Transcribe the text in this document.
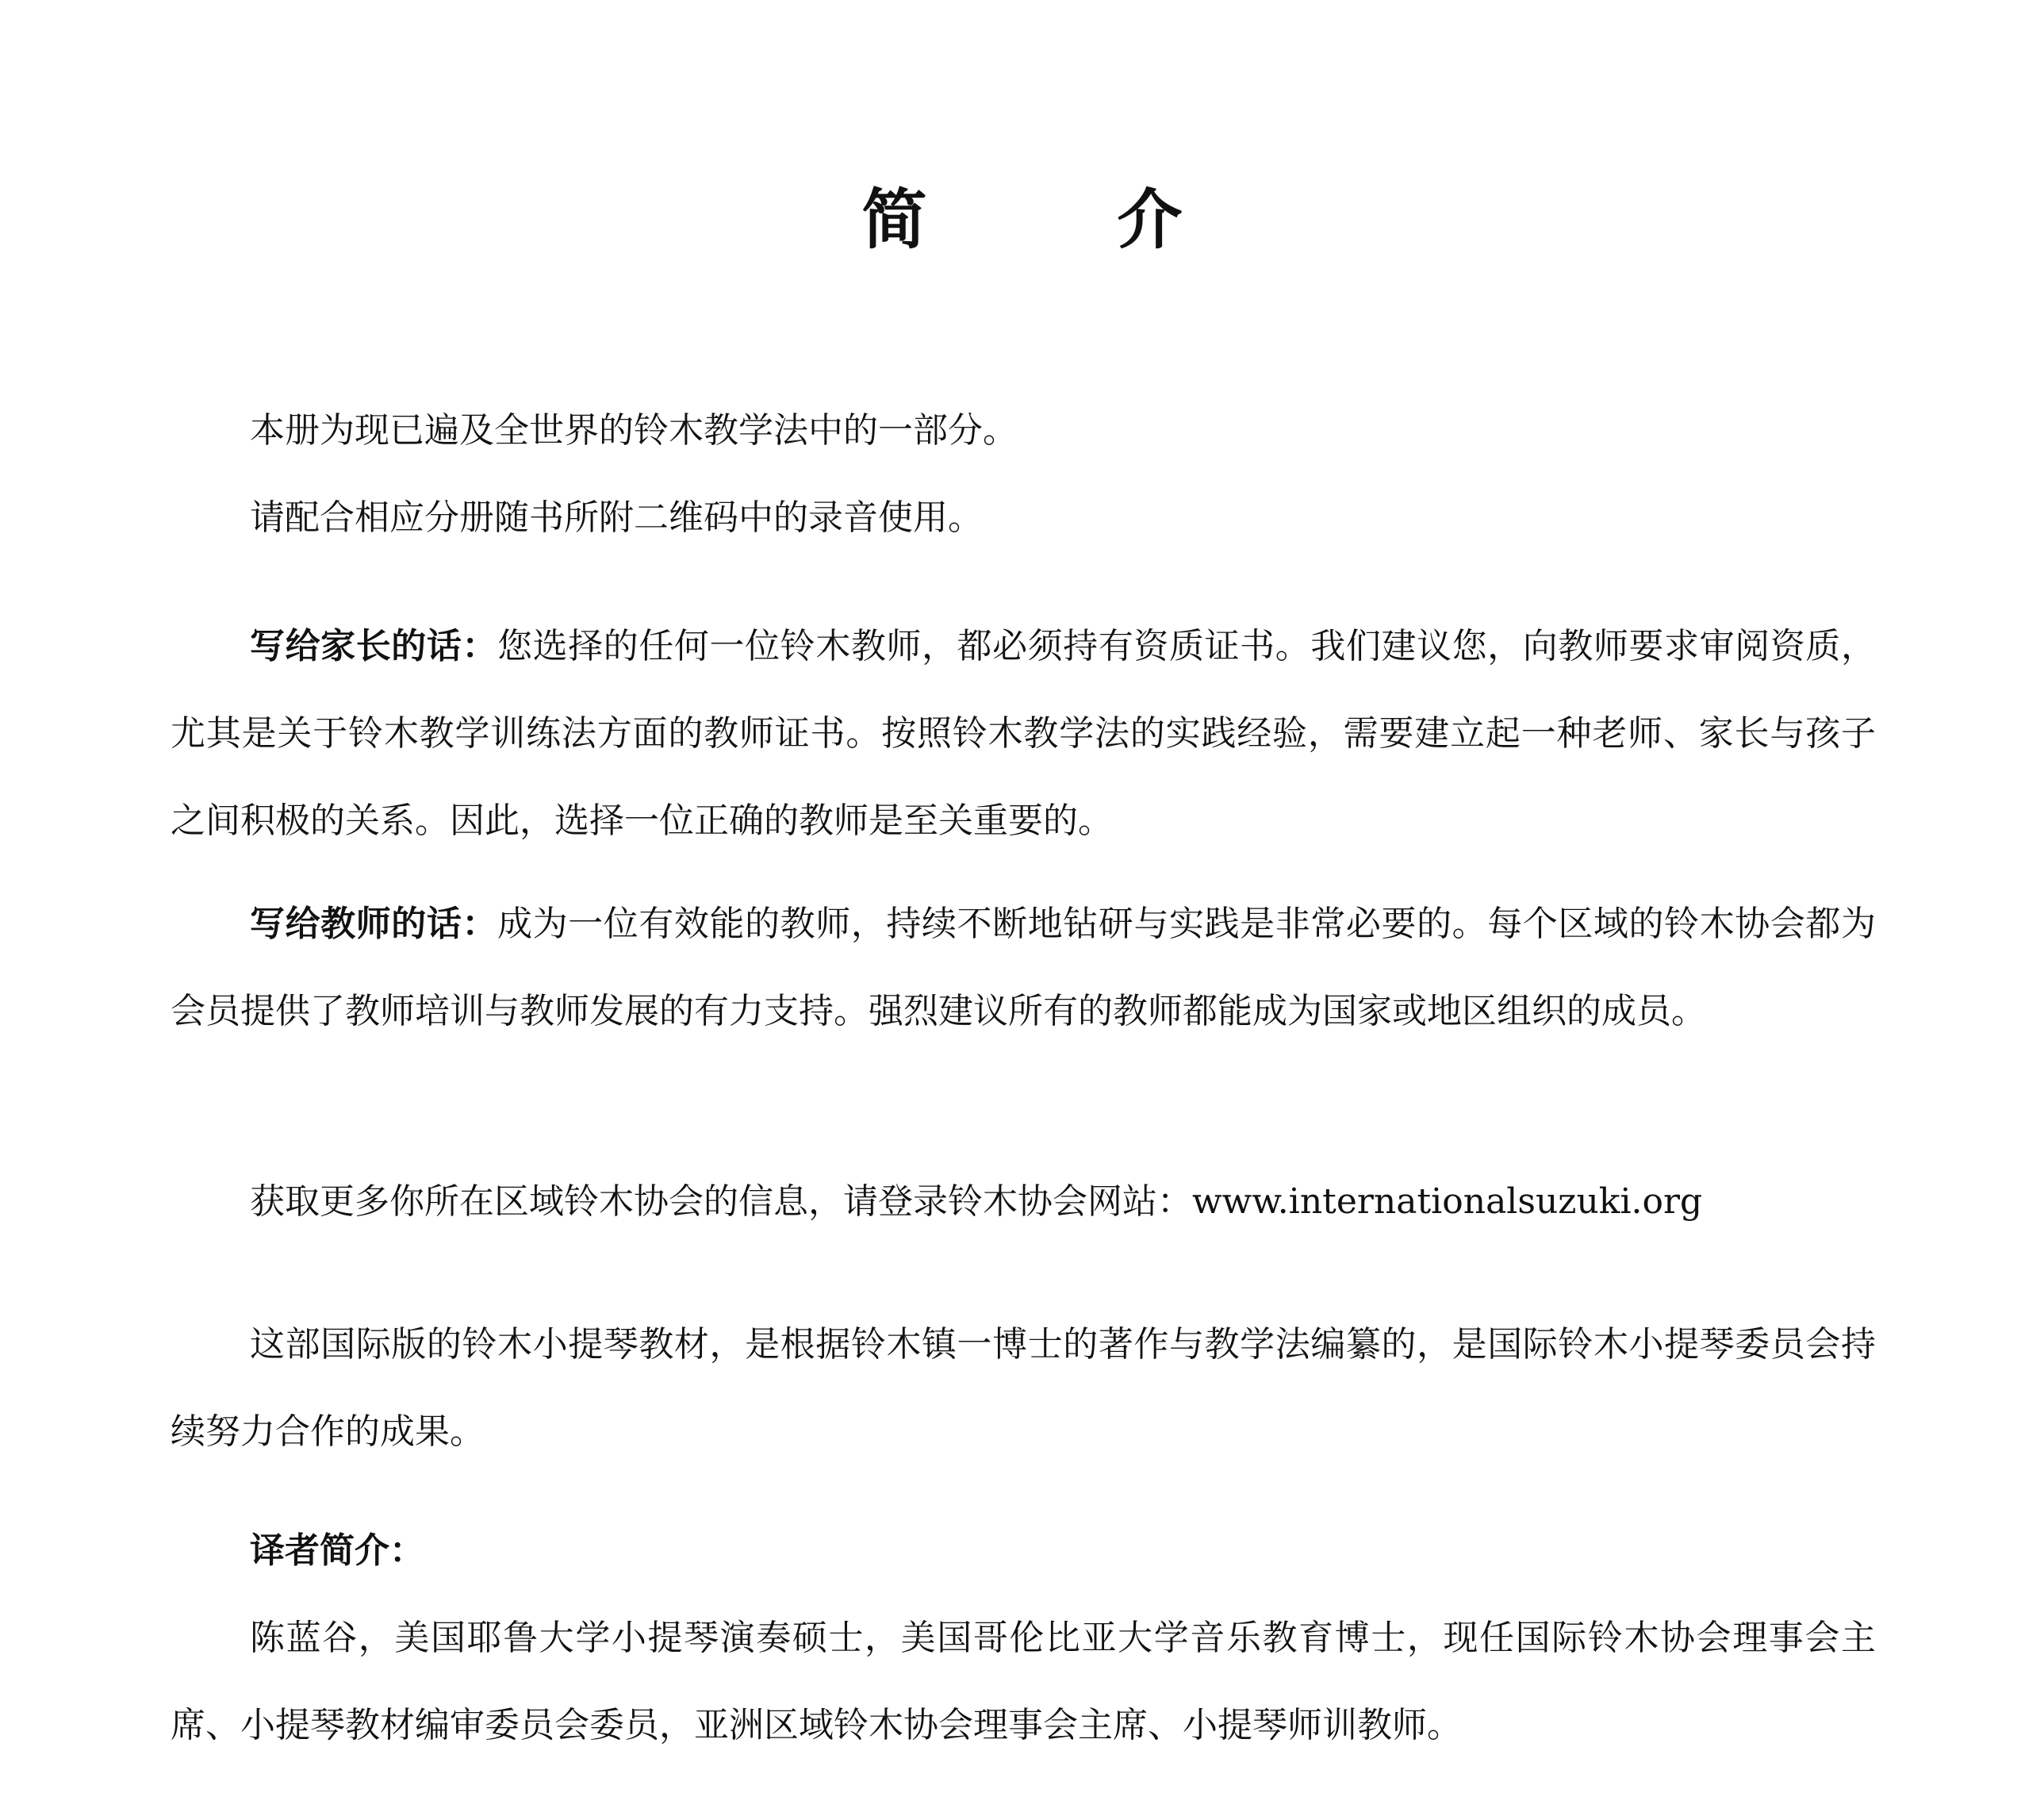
简	介

本册为现已遍及全世界的铃木教学法中的一部分。

请配合相应分册随书所附二维码中的录音使用。

写给家长的话：您选择的任何一位铃木教师，都必须持有资质证书。我们建议您，向教师要求审阅资质，尤其是关于铃木教学训练法方面的教师证书。按照铃木教学法的实践经验，需要建立起一种老师、家长与孩子之间积极的关系。因此，选择一位正确的教师是至关重要的。

写给教师的话：成为一位有效能的教师，持续不断地钻研与实践是非常必要的。每个区域的铃木协会都为会员提供了教师培训与教师发展的有力支持。强烈建议所有的教师都能成为国家或地区组织的成员。

获取更多你所在区域铃木协会的信息，请登录铃木协会网站：www.internationalsuzuki.org

这部国际版的铃木小提琴教材，是根据铃木镇一博士的著作与教学法编纂的，是国际铃木小提琴委员会持续努力合作的成果。

译者简介：

陈蓝谷，美国耶鲁大学小提琴演奏硕士，美国哥伦比亚大学音乐教育博士，现任国际铃木协会理事会主席、小提琴教材编审委员会委员，亚洲区域铃木协会理事会主席、小提琴师训教师。
